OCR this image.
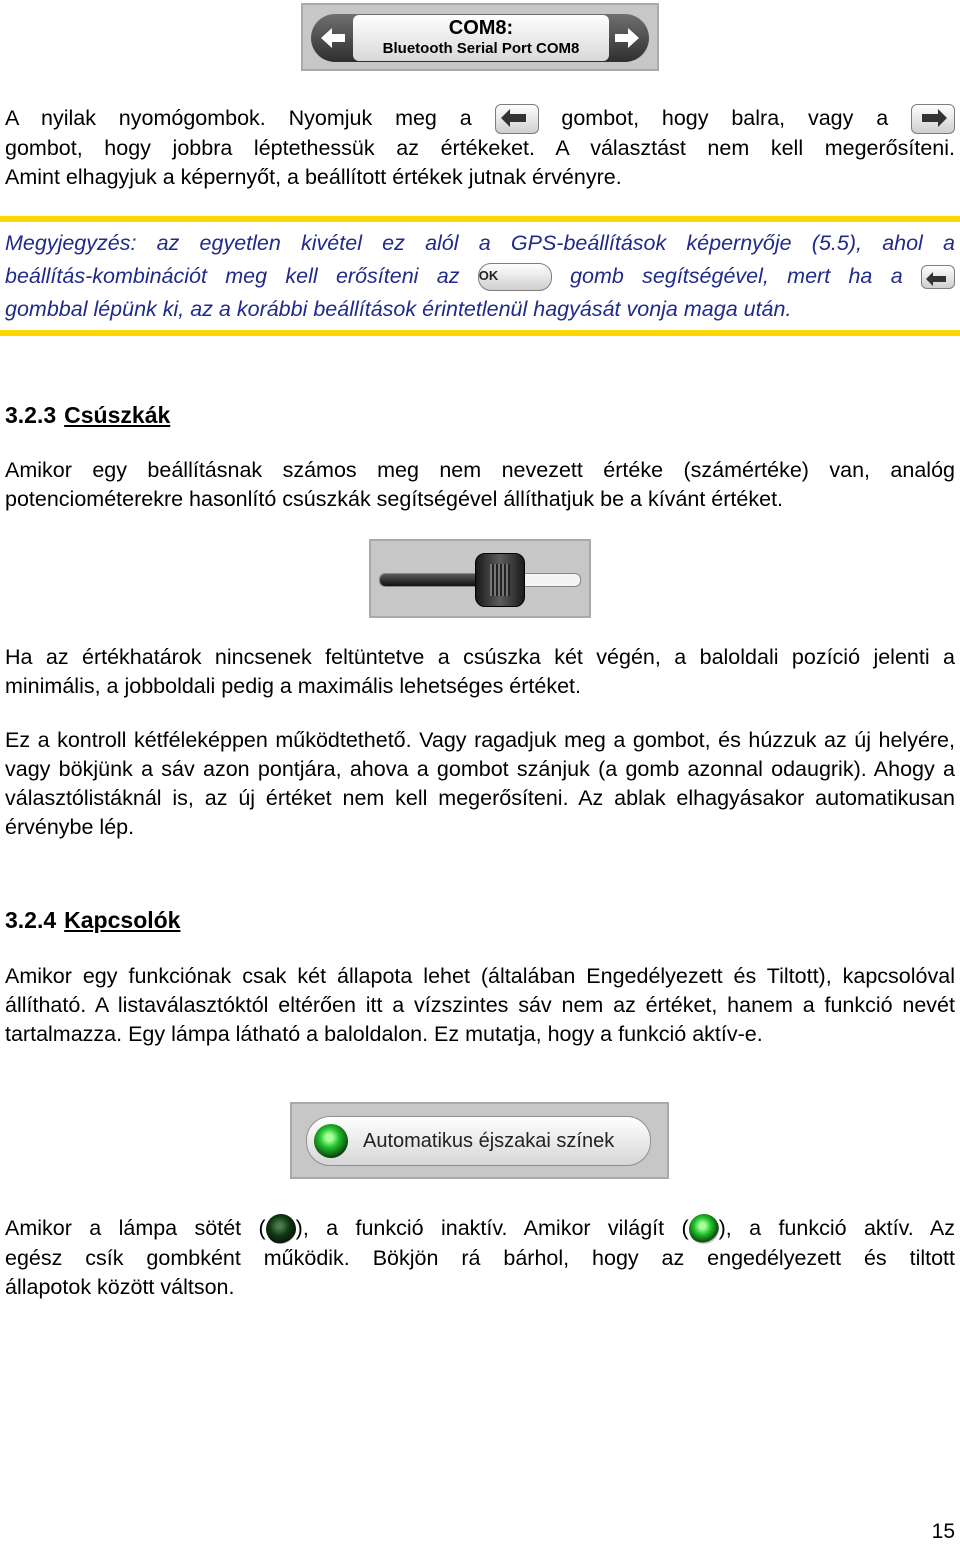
COM8:
Bluetooth Serial Port COM8
A nyilak nyomógombok. Nyomjuk meg a	gombot, hogy balra, vagy a
gombot, hogy jobbra léptethessük az értékeket. A választást nem kell megerősíteni.
Amint elhagyjuk a képernyőt, a beállított értékek jutnak érvényre.
Megyjegyzés: az egyetlen kivétel ez alól a GPS-beállítások képernyője (5.5), ahol a
beállítás-kombinációt meg kell erősíteni az OK	gomb segítségével, mert ha a
gombbal lépünk ki, az a korábbi beállítások érintetlenül hagyását vonja maga után.
3.2.3 Csúszkák
Amikor egy beállításnak számos meg nem nevezett értéke (számértéke) van, analóg potenciométerekre hasonlító csúszkák segítségével állíthatjuk be a kívánt értéket.
Ha az értékhatárok nincsenek feltüntetve a csúszka két végén, a baloldali pozíció jelenti a minimális, a jobboldali pedig a maximális lehetséges értéket.
Ez a kontroll kétféleképpen működtethető. Vagy ragadjuk meg a gombot, és húzzuk az új helyére, vagy bökjünk a sáv azon pontjára, ahova a gombot szánjuk (a gomb azonnal odaugrik). Ahogy a választólistáknál is, az új értéket nem kell megerősíteni. Az ablak elhagyásakor automatikusan érvénybe lép.
3.2.4 Kapcsolók
Amikor egy funkciónak csak két állapota lehet (általában Engedélyezett és Tiltott), kapcsolóval állítható. A listaválasztóktól eltérően itt a vízszintes sáv nem az értéket, hanem a funkció nevét tartalmazza. Egy lámpa látható a baloldalon. Ez mutatja, hogy a funkció aktív-e.
Automatikus éjszakai színek
Amikor a lámpa sötét ( ), a funkció inaktív. Amikor világít ( ), a funkció aktív. Az
egész csík gombként működik. Bökjön rá bárhol, hogy az engedélyezett és tiltott
állapotok között váltson.
15
